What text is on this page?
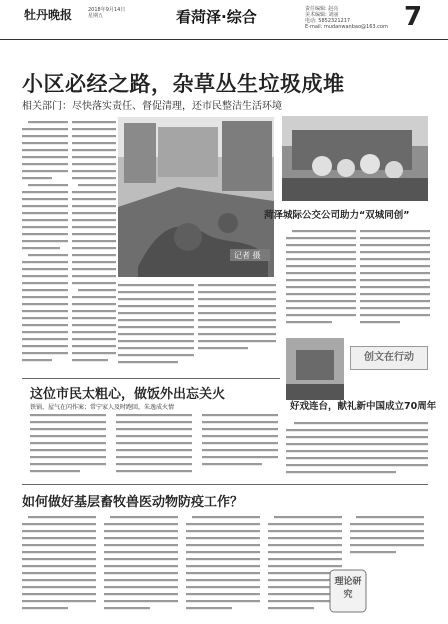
牡丹晚报	2018年9月14日
星期五	看菏泽·综合	责任编辑: 赵亮
美术编辑: 刘丽
电话: 5852321217
E-mail: mudanwanbao@163.com 7
小区必经之路，杂草丛生垃圾成堆
相关部门：尽快落实责任、督促清理，还市民整洁生活环境
记者 摄
菏泽城际公交公司助力“双城同创”
创文在行动
好戏连台，献礼新中国成立70周年
这位市民太粗心，做饭外出忘关火
铁锅、屋气在闪作案；常宁家人及时跑回，朱逸成火情
如何做好基层畜牧兽医动物防疫工作？
理论研究
